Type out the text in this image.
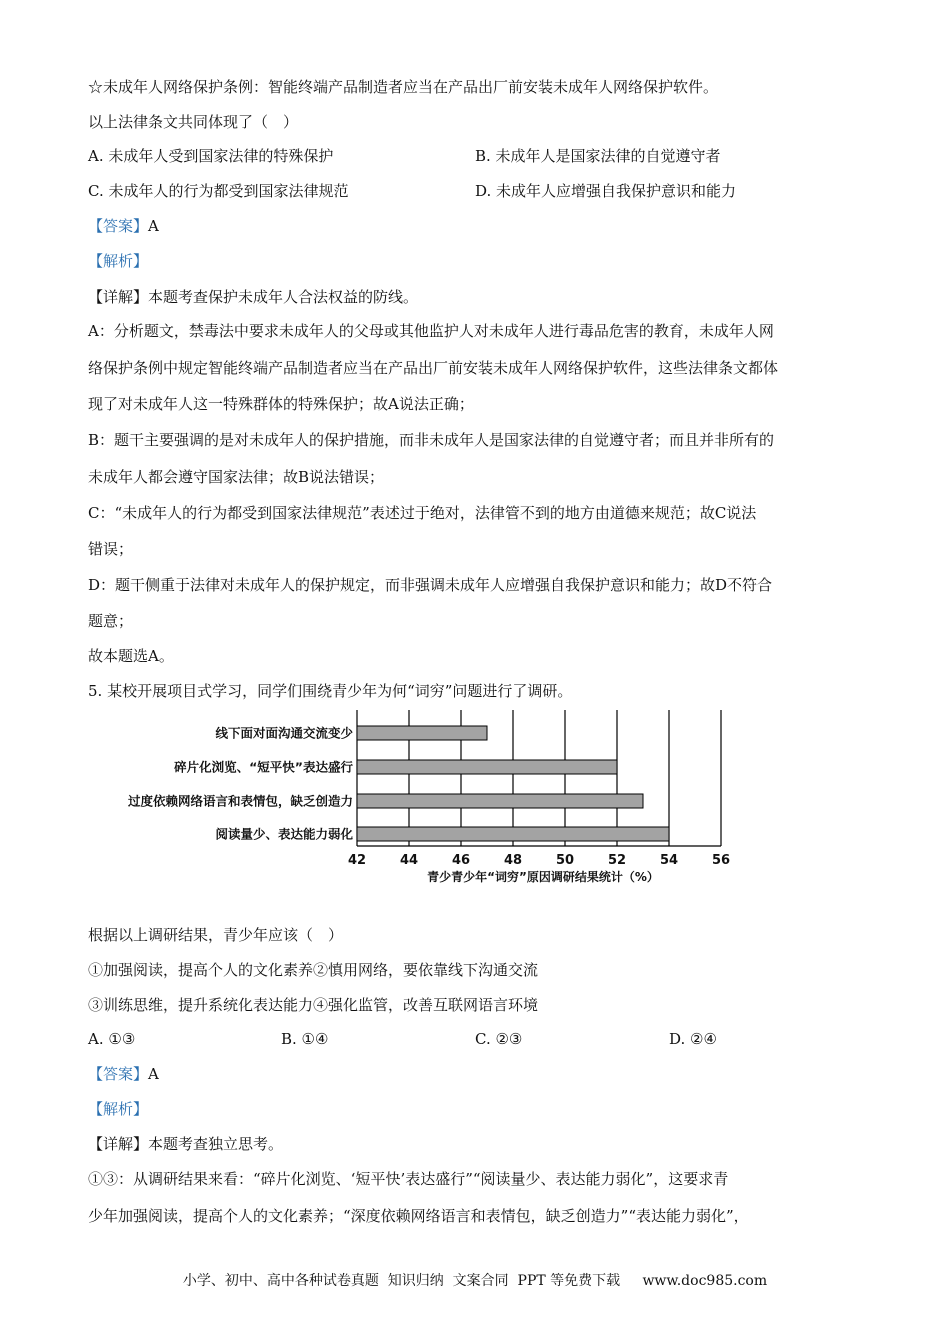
☆未成年人网络保护条例：智能终端产品制造者应当在产品出厂前安装未成年人网络保护软件。
以上法律条文共同体现了（　）
A. 未成年人受到国家法律的特殊保护	B. 未成年人是国家法律的自觉遵守者
C. 未成年人的行为都受到国家法律规范	D. 未成年人应增强自我保护意识和能力
【答案】A
【解析】
【详解】本题考查保护未成年人合法权益的防线。
A：分析题文，禁毒法中要求未成年人的父母或其他监护人对未成年人进行毒品危害的教育，未成年人网
络保护条例中规定智能终端产品制造者应当在产品出厂前安装未成年人网络保护软件，这些法律条文都体
现了对未成年人这一特殊群体的特殊保护；故A说法正确；
B：题干主要强调的是对未成年人的保护措施，而非未成年人是国家法律的自觉遵守者；而且并非所有的
未成年人都会遵守国家法律；故B说法错误；
C：“未成年人的行为都受到国家法律规范”表述过于绝对，法律管不到的地方由道德来规范；故C说法
错误；
D：题干侧重于法律对未成年人的保护规定，而非强调未成年人应增强自我保护意识和能力；故D不符合
题意；
故本题选A。
5. 某校开展项目式学习，同学们围绕青少年为何“词穷”问题进行了调研。
线下面对面沟通交流变少
碎片化浏览、“短平快”表达盛行
过度依赖网络语言和表情包，缺乏创造力
阅读量少、表达能力弱化
42	44	46	48	50	52	54	56
青少青少年“词穷”原因调研结果统计（%）
根据以上调研结果，青少年应该（　）
①加强阅读，提高个人的文化素养②慎用网络，要依靠线下沟通交流
③训练思维，提升系统化表达能力④强化监管，改善互联网语言环境
A. ①③	B. ①④	C. ②③	D. ②④
【答案】A
【解析】
【详解】本题考查独立思考。
①③：从调研结果来看：“碎片化浏览、‘短平快’表达盛行”“阅读量少、表达能力弱化”，这要求青
少年加强阅读，提高个人的文化素养；“深度依赖网络语言和表情包，缺乏创造力”“表达能力弱化”，
小学、初中、高中各种试卷真题  知识归纳  文案合同  PPT 等免费下载     www.doc985.com
